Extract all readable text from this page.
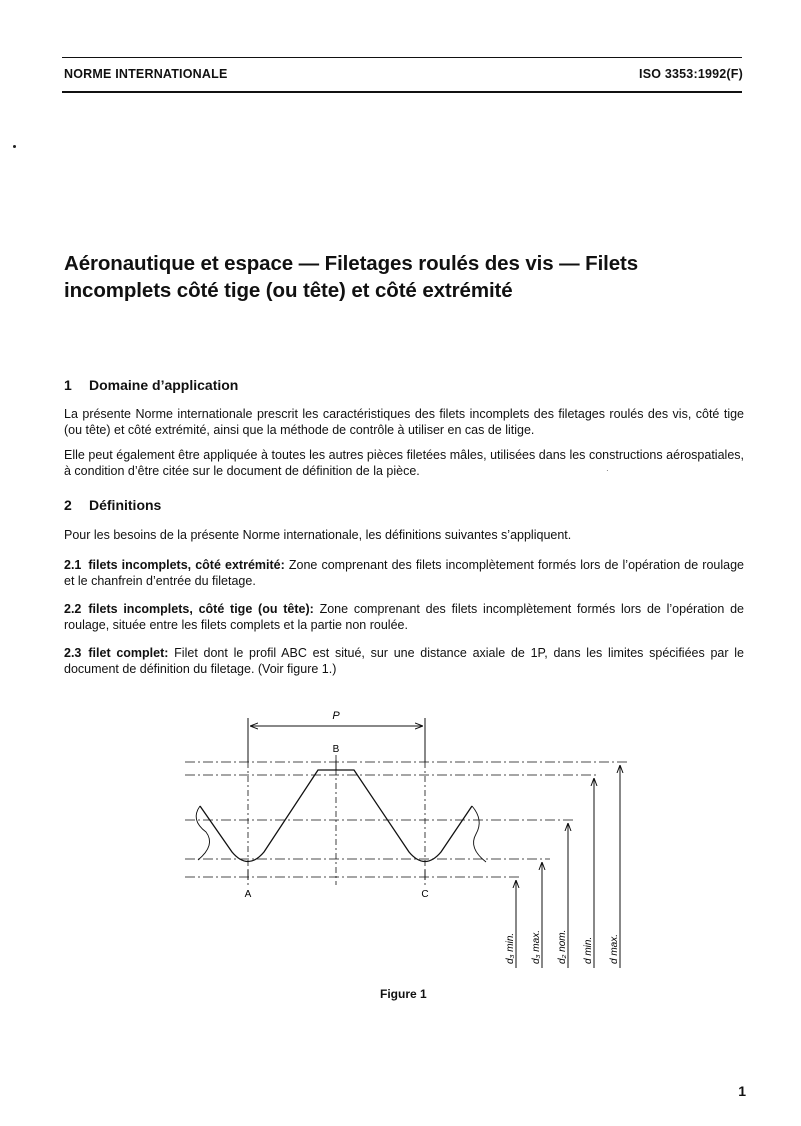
NORME INTERNATIONALE	ISO 3353:1992(F)
Aéronautique et espace — Filetages roulés des vis — Filets
incomplets côté tige (ou tête) et côté extrémité
1 Domaine d’application

La présente Norme internationale prescrit les caractéristiques des filets incomplets des filetages roulés des vis, côté tige (ou tête) et côté extrémité, ainsi que la méthode de contrôle à utiliser en cas de litige.

Elle peut également être appliquée à toutes les autres pièces filetées mâles, utilisées dans les constructions aérospatiales, à condition d’être citée sur le document de définition de la pièce.	·
2 Définitions

Pour les besoins de la présente Norme internationale, les définitions suivantes s’appliquent.

2.1 filets incomplets, côté extrémité: Zone comprenant des filets incomplètement formés lors de l’opération de roulage et le chanfrein d’entrée du filetage.

2.2 filets incomplets, côté tige (ou tête): Zone comprenant des filets incomplètement formés lors de l’opération de roulage, située entre les filets complets et la partie non roulée.

2.3 filet complet: Filet dont le profil ABC est situé, sur une distance axiale de 1P, dans les limites spécifiées par le document de définition du filetage. (Voir figure 1.)

P
B
A	C
d₃ min. d₃ max. d₂ nom. d min. d max.
Figure 1
1
